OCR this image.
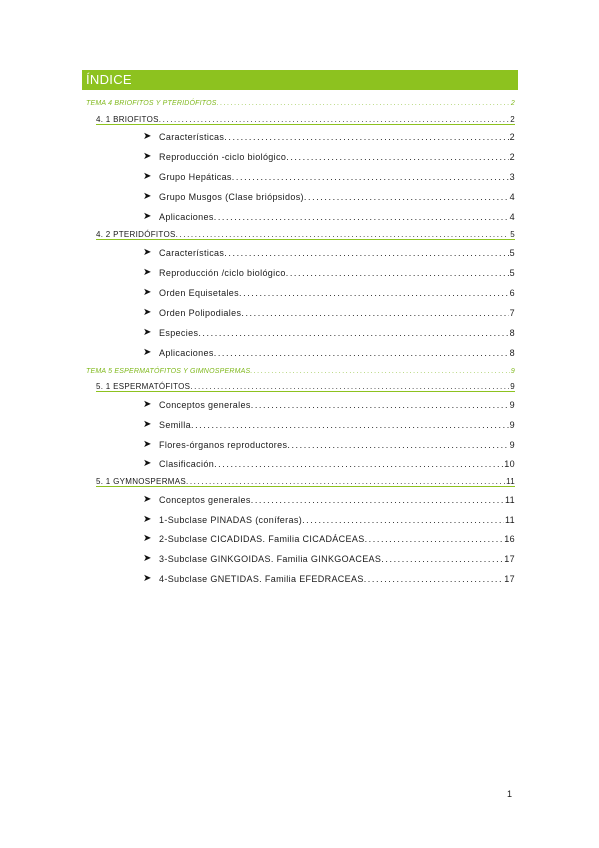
ÍNDICE
TEMA 4 BRIOFITOS Y PTERIDÓFITOS .....	2
4. 1 BRIOFITOS .....	2
➤ Características .....	2
➤ Reproducción -ciclo biológico .....	2
➤ Grupo Hepáticas .....	3
➤ Grupo Musgos (Clase briópsidos) .....	4
➤ Aplicaciones .....	4
4. 2 PTERIDÓFITOS .....	5
➤ Características .....	5
➤ Reproducción /ciclo biológico .....	5
➤ Orden Equisetales .....	6
➤ Orden Polipodiales .....	7
➤ Especies .....	8
➤ Aplicaciones .....	8
TEMA 5 ESPERMATÓFITOS Y GIMNOSPERMAS .....	9
5. 1 ESPERMATÓFITOS .....	9
➤ Conceptos generales .....	9
➤ Semilla .....	9
➤ Flores-órganos reproductores .....	9
➤ Clasificación .....	10
5. 1 GYMNOSPERMAS .....	11
➤ Conceptos generales .....	11
➤ 1-Subclase PINADAS (coníferas) .....	11
➤ 2-Subclase CICADIDAS. Familia CICADÁCEAS .....	16
➤ 3-Subclase GINKGOIDAS. Familia GINKGOACEAS .....	17
➤ 4-Subclase GNETIDAS. Familia EFEDRACEAS .....	17
1
